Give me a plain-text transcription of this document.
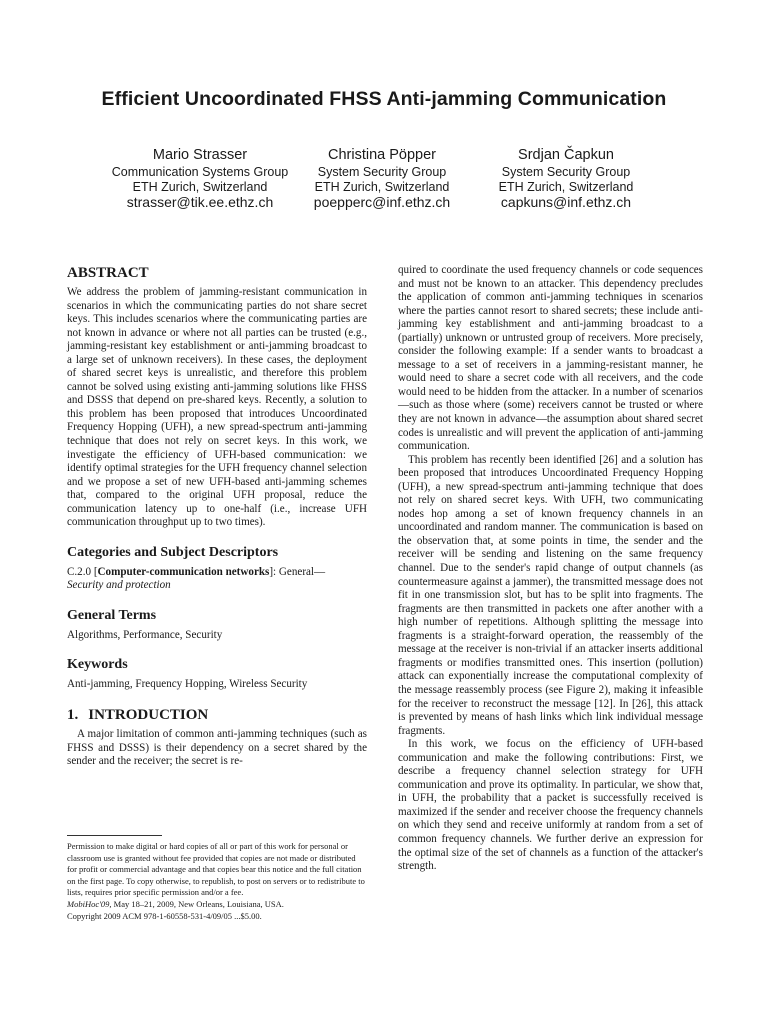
Efficient Uncoordinated FHSS Anti-jamming Communication
Mario Strasser
Communication Systems Group
ETH Zurich, Switzerland
strasser@tik.ee.ethz.ch
Christina Pöpper
System Security Group
ETH Zurich, Switzerland
poepperc@inf.ethz.ch
Srdjan Čapkun
System Security Group
ETH Zurich, Switzerland
capkuns@inf.ethz.ch
ABSTRACT

We address the problem of jamming-resistant communication in scenarios in which the communicating parties do not share secret keys. This includes scenarios where the communicating parties are not known in advance or where not all parties can be trusted (e.g., jamming-resistant key establishment or anti-jamming broadcast to a large set of unknown receivers). In these cases, the deployment of shared secret keys is unrealistic, and therefore this problem cannot be solved using existing anti-jamming solutions like FHSS and DSSS that depend on pre-shared keys. Recently, a solution to this problem has been proposed that introduces Uncoordinated Frequency Hopping (UFH), a new spread-spectrum anti-jamming technique that does not rely on secret keys. In this work, we investigate the efficiency of UFH-based communication: we identify optimal strategies for the UFH frequency channel selection and we propose a set of new UFH-based anti-jamming schemes that, compared to the original UFH proposal, reduce the communication latency up to one-half (i.e., increase UFH communication throughput up to two times).

Categories and Subject Descriptors

C.2.0 [Computer-communication networks]: General—
Security and protection

General Terms

Algorithms, Performance, Security

Keywords

Anti-jamming, Frequency Hopping, Wireless Security

1. INTRODUCTION

A major limitation of common anti-jamming techniques (such as FHSS and DSSS) is their dependency on a secret shared by the sender and the receiver; the secret is re-

Permission to make digital or hard copies of all or part of this work for personal or classroom use is granted without fee provided that copies are not made or distributed for profit or commercial advantage and that copies bear this notice and the full citation on the first page. To copy otherwise, to republish, to post on servers or to redistribute to lists, requires prior specific permission and/or a fee.

MobiHoc'09, May 18–21, 2009, New Orleans, Louisiana, USA.

Copyright 2009 ACM 978-1-60558-531-4/09/05 ...$5.00.

quired to coordinate the used frequency channels or code sequences and must not be known to an attacker. This dependency precludes the application of common anti-jamming techniques in scenarios where the parties cannot resort to shared secrets; these include anti-jamming key establishment and anti-jamming broadcast to a (partially) unknown or untrusted group of receivers. More precisely, consider the following example: If a sender wants to broadcast a message to a set of receivers in a jamming-resistant manner, he would need to share a secret code with all receivers, and the code would need to be hidden from the attacker. In a number of scenarios—such as those where (some) receivers cannot be trusted or where they are not known in advance—the assumption about shared secret codes is unrealistic and will prevent the application of anti-jamming communication.

This problem has recently been identified [26] and a solution has been proposed that introduces Uncoordinated Frequency Hopping (UFH), a new spread-spectrum anti-jamming technique that does not rely on shared secret keys. With UFH, two communicating nodes hop among a set of known frequency channels in an uncoordinated and random manner. The communication is based on the observation that, at some points in time, the sender and the receiver will be sending and listening on the same frequency channel. Due to the sender's rapid change of output channels (as countermeasure against a jammer), the transmitted message does not fit in one transmission slot, but has to be split into fragments. The fragments are then transmitted in packets one after another with a high number of repetitions. Although splitting the message into fragments is a straight-forward operation, the reassembly of the message at the receiver is non-trivial if an attacker inserts additional fragments or modifies transmitted ones. This insertion (pollution) attack can exponentially increase the computational complexity of the message reassembly process (see Figure 2), making it infeasible for the receiver to reconstruct the message [12]. In [26], this attack is prevented by means of hash links which link individual message fragments.

In this work, we focus on the efficiency of UFH-based communication and make the following contributions: First, we describe a frequency channel selection strategy for UFH communication and prove its optimality. In particular, we show that, in UFH, the probability that a packet is successfully received is maximized if the sender and receiver choose the frequency channels on which they send and receive uniformly at random from a set of common frequency channels. We further derive an expression for the optimal size of the set of channels as a function of the attacker's strength.
